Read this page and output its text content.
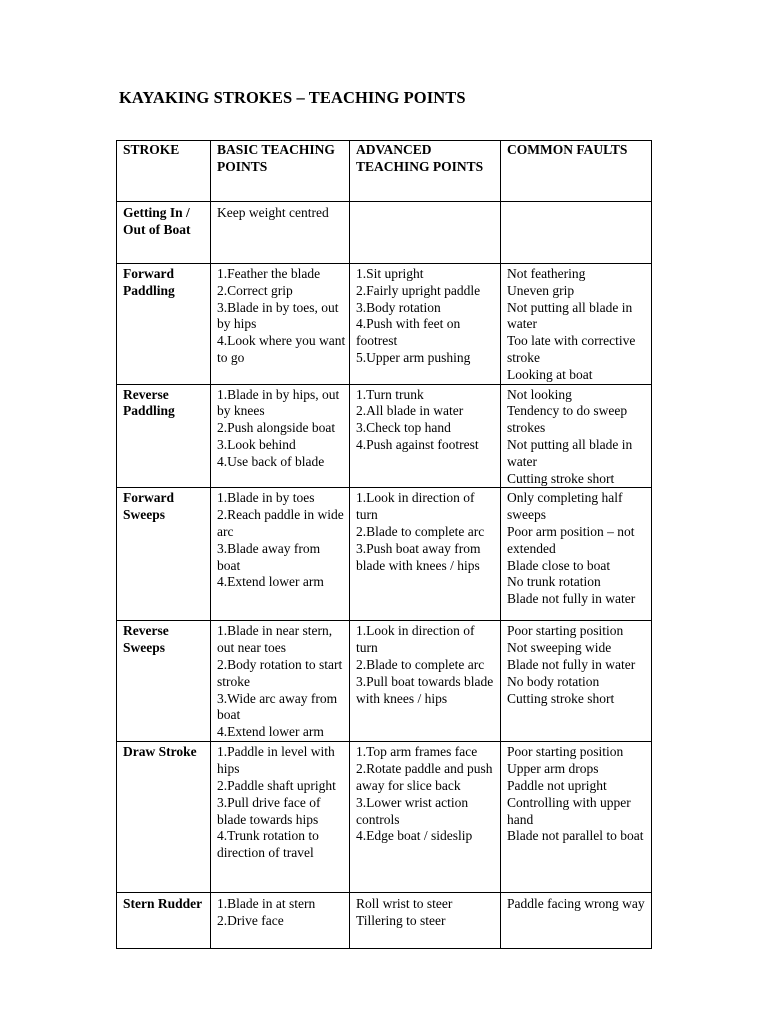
KAYAKING STROKES – TEACHING POINTS
STROKE	BASIC TEACHING POINTS	ADVANCED TEACHING POINTS	COMMON FAULTS

Getting In / Out of Boat	Keep weight centred		

Forward Paddling	1.Feather the blade
2.Correct grip
3.Blade in by toes, out by hips
4.Look where you want to go	1.Sit upright
2.Fairly upright paddle
3.Body rotation
4.Push with feet on footrest
5.Upper arm pushing	Not feathering
Uneven grip
Not putting all blade in water
Too late with corrective stroke
Looking at boat

Reverse Paddling	1.Blade in by hips, out by knees
2.Push alongside boat
3.Look behind
4.Use back of blade	1.Turn trunk
2.All blade in water
3.Check top hand
4.Push against footrest	Not looking
Tendency to do sweep strokes
Not putting all blade in water
Cutting stroke short

Forward Sweeps	1.Blade in by toes
2.Reach paddle in wide arc
3.Blade away from boat
4.Extend lower arm	1.Look in direction of turn
2.Blade to complete arc
3.Push boat away from blade with knees / hips	Only completing half sweeps
Poor arm position – not extended
Blade close to boat
No trunk rotation
Blade not fully in water

Reverse Sweeps	1.Blade in near stern, out near toes
2.Body rotation to start stroke
3.Wide arc away from boat
4.Extend lower arm	1.Look in direction of turn
2.Blade to complete arc
3.Pull boat towards blade with knees / hips	Poor starting position
Not sweeping wide
Blade not fully in water
No body rotation
Cutting stroke short

Draw Stroke	1.Paddle in level with hips
2.Paddle shaft upright
3.Pull drive face of blade towards hips
4.Trunk rotation to direction of travel	1.Top arm frames face
2.Rotate paddle and push away for slice back
3.Lower wrist action controls
4.Edge boat / sideslip	Poor starting position
Upper arm drops
Paddle not upright
Controlling with upper hand
Blade not parallel to boat

Stern Rudder	1.Blade in at stern
2.Drive face	Roll wrist to steer
Tillering to steer	Paddle facing wrong way
